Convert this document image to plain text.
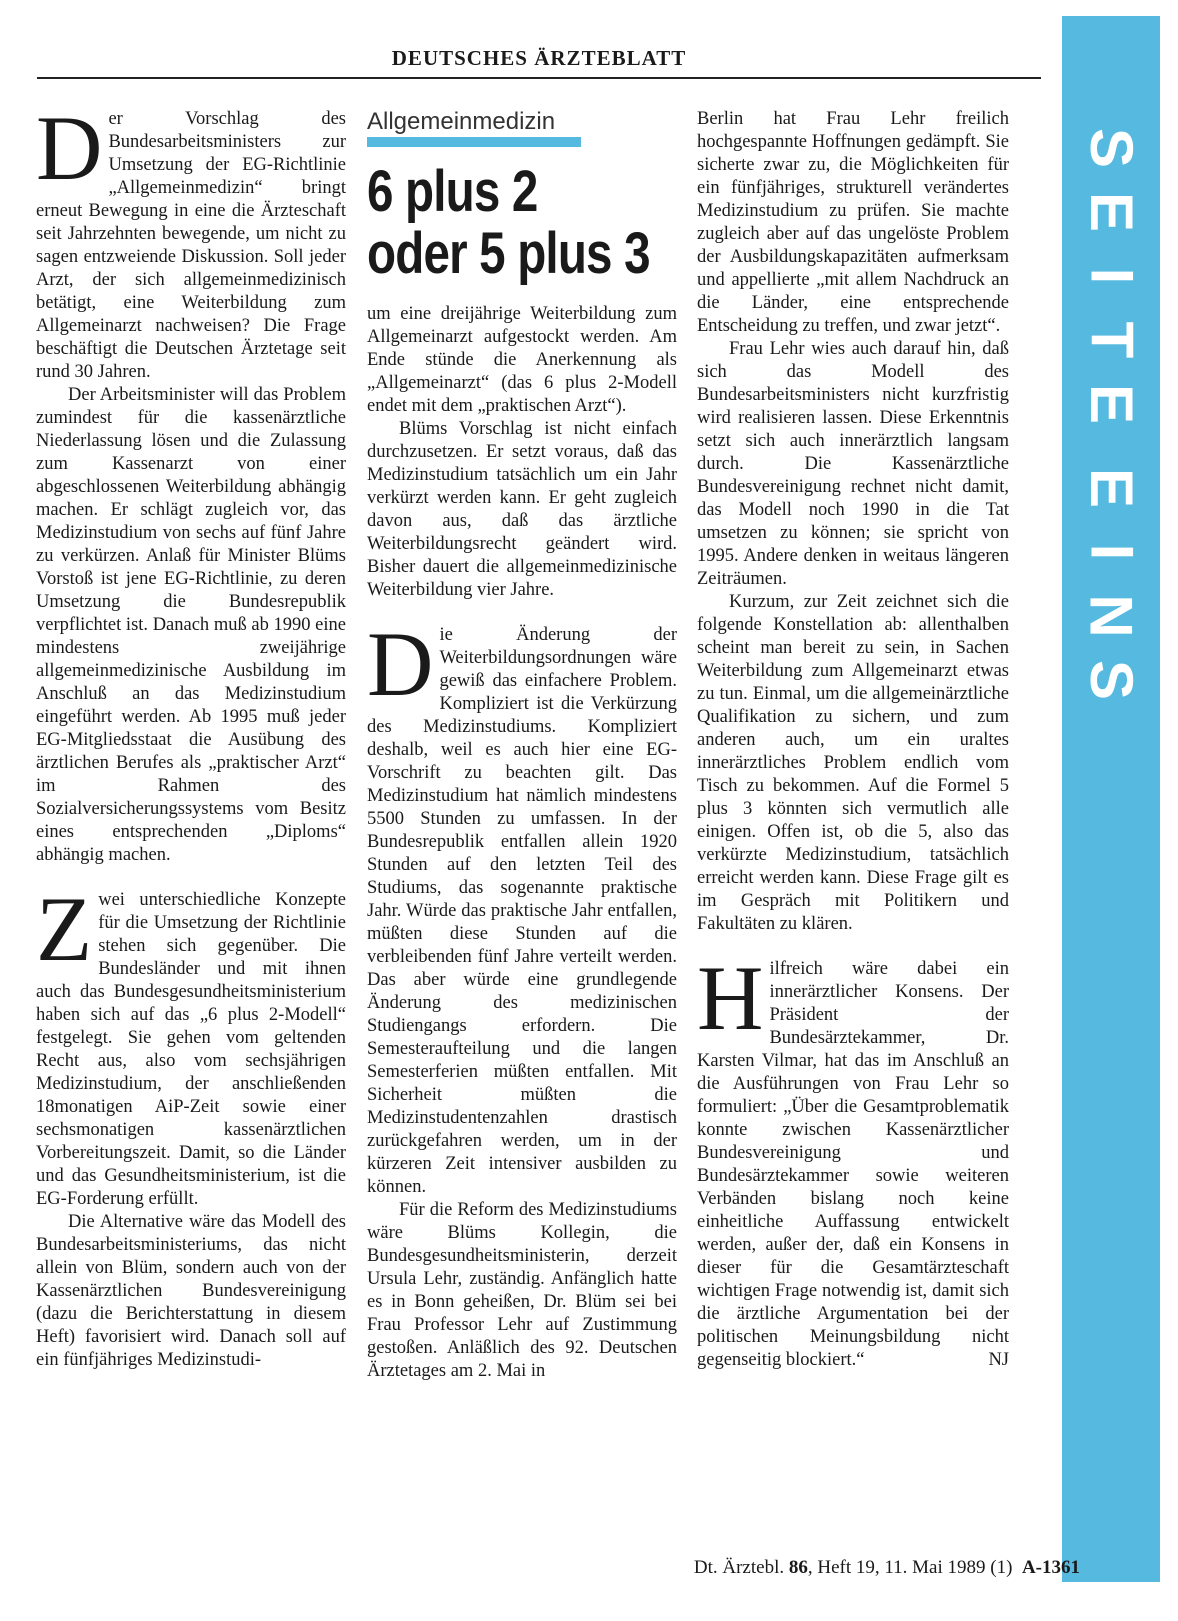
DEUTSCHES ÄRZTEBLATT
S
E
I
T
E
E
I
N
S

Der Vorschlag des Bundesarbeitsministers zur Umsetzung der EG-Richtlinie „Allgemeinmedizin“ bringt erneut Bewegung in eine die Ärzteschaft seit Jahrzehnten bewegende, um nicht zu sagen entzweiende Diskussion. Soll jeder Arzt, der sich allgemeinmedizinisch betätigt, eine Weiterbildung zum Allgemeinarzt nachweisen? Die Frage beschäftigt die Deutschen Ärztetage seit rund 30 Jahren.

Der Arbeitsminister will das Problem zumindest für die kassenärztliche Niederlassung lösen und die Zulassung zum Kassenarzt von einer abgeschlossenen Weiterbildung abhängig machen. Er schlägt zugleich vor, das Medizinstudium von sechs auf fünf Jahre zu verkürzen. Anlaß für Minister Blüms Vorstoß ist jene EG-Richtlinie, zu deren Umsetzung die Bundesrepublik verpflichtet ist. Danach muß ab 1990 eine mindestens zweijährige allgemeinmedizinische Ausbildung im Anschluß an das Medizinstudium eingeführt werden. Ab 1995 muß jeder EG-Mitgliedsstaat die Ausübung des ärztlichen Berufes als „praktischer Arzt“ im Rahmen des Sozialversicherungssystems vom Besitz eines entsprechenden „Diploms“ abhängig machen.

Zwei unterschiedliche Konzepte für die Umsetzung der Richtlinie stehen sich gegenüber. Die Bundesländer und mit ihnen auch das Bundesgesundheitsministerium haben sich auf das „6 plus 2-Modell“ festgelegt. Sie gehen vom geltenden Recht aus, also vom sechsjährigen Medizinstudium, der anschließenden 18monatigen AiP-Zeit sowie einer sechsmonatigen kassenärztlichen Vorbereitungszeit. Damit, so die Länder und das Gesundheitsministerium, ist die EG-Forderung erfüllt.

Die Alternative wäre das Modell des Bundesarbeitsministeriums, das nicht allein von Blüm, sondern auch von der Kassenärztlichen Bundesvereinigung (dazu die Berichterstattung in diesem Heft) favorisiert wird. Danach soll auf ein fünfjähriges Medizinstudi-

Allgemeinmedizin
6 plus 2
oder 5 plus 3

um eine dreijährige Weiterbildung zum Allgemeinarzt aufgestockt werden. Am Ende stünde die Anerkennung als „Allgemeinarzt“ (das 6 plus 2-Modell endet mit dem „praktischen Arzt“).

Blüms Vorschlag ist nicht einfach durchzusetzen. Er setzt voraus, daß das Medizinstudium tatsächlich um ein Jahr verkürzt werden kann. Er geht zugleich davon aus, daß das ärztliche Weiterbildungsrecht geändert wird. Bisher dauert die allgemeinmedizinische Weiterbildung vier Jahre.

Die Änderung der Weiterbildungsordnungen wäre gewiß das einfachere Problem. Kompliziert ist die Verkürzung des Medizinstudiums. Kompliziert deshalb, weil es auch hier eine EG-Vorschrift zu beachten gilt. Das Medizinstudium hat nämlich mindestens 5500 Stunden zu umfassen. In der Bundesrepublik entfallen allein 1920 Stunden auf den letzten Teil des Studiums, das sogenannte praktische Jahr. Würde das praktische Jahr entfallen, müßten diese Stunden auf die verbleibenden fünf Jahre verteilt werden. Das aber würde eine grundlegende Änderung des medizinischen Studiengangs erfordern. Die Semesteraufteilung und die langen Semesterferien müßten entfallen. Mit Sicherheit müßten die Medizinstudentenzahlen drastisch zurückgefahren werden, um in der kürzeren Zeit intensiver ausbilden zu können.

Für die Reform des Medizinstudiums wäre Blüms Kollegin, die Bundesgesundheitsministerin, derzeit Ursula Lehr, zuständig. Anfänglich hatte es in Bonn geheißen, Dr. Blüm sei bei Frau Professor Lehr auf Zustimmung gestoßen. Anläßlich des 92. Deutschen Ärztetages am 2. Mai in

Berlin hat Frau Lehr freilich hochgespannte Hoffnungen gedämpft. Sie sicherte zwar zu, die Möglichkeiten für ein fünfjähriges, strukturell verändertes Medizinstudium zu prüfen. Sie machte zugleich aber auf das ungelöste Problem der Ausbildungskapazitäten aufmerksam und appellierte „mit allem Nachdruck an die Länder, eine entsprechende Entscheidung zu treffen, und zwar jetzt“.

Frau Lehr wies auch darauf hin, daß sich das Modell des Bundesarbeitsministers nicht kurzfristig wird realisieren lassen. Diese Erkenntnis setzt sich auch innerärztlich langsam durch. Die Kassenärztliche Bundesvereinigung rechnet nicht damit, das Modell noch 1990 in die Tat umsetzen zu können; sie spricht von 1995. Andere denken in weitaus längeren Zeiträumen.

Kurzum, zur Zeit zeichnet sich die folgende Konstellation ab: allenthalben scheint man bereit zu sein, in Sachen Weiterbildung zum Allgemeinarzt etwas zu tun. Einmal, um die allgemeinärztliche Qualifikation zu sichern, und zum anderen auch, um ein uraltes innerärztliches Problem endlich vom Tisch zu bekommen. Auf die Formel 5 plus 3 könnten sich vermutlich alle einigen. Offen ist, ob die 5, also das verkürzte Medizinstudium, tatsächlich erreicht werden kann. Diese Frage gilt es im Gespräch mit Politikern und Fakultäten zu klären.

Hilfreich wäre dabei ein innerärztlicher Konsens. Der Präsident der Bundesärztekammer, Dr. Karsten Vilmar, hat das im Anschluß an die Ausführungen von Frau Lehr so formuliert: „Über die Gesamtproblematik konnte zwischen Kassenärztlicher Bundesvereinigung und Bundesärztekammer sowie weiteren Verbänden bislang noch keine einheitliche Auffassung entwickelt werden, außer der, daß ein Konsens in dieser für die Gesamtärzteschaft wichtigen Frage notwendig ist, damit sich die ärztliche Argumentation bei der politischen Meinungsbildung nicht gegenseitig blockiert.“	NJ

Dt. Ärztebl. 86, Heft 19, 11. Mai 1989 (1) A-1361
